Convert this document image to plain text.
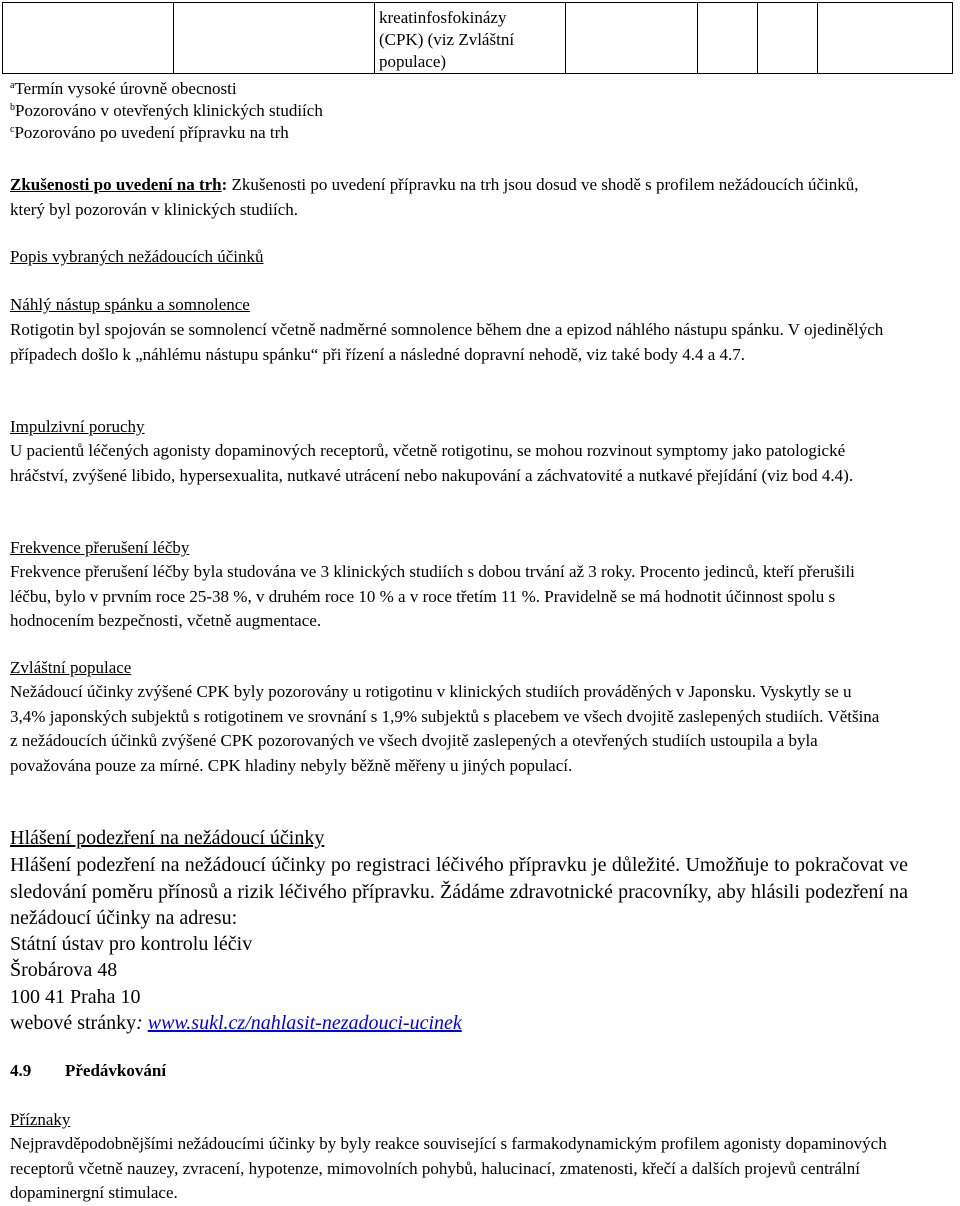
kreatinfosfokinázy (CPK) (viz Zvláštní populace)

$^a$Termín vysoké úrovně obecnosti
$^b$Pozorováno v otevřených klinických studiích
$^c$Pozorováno po uvedení přípravku na trh
Zkušenosti po uvedení na trh: Zkušenosti po uvedení přípravku na trh jsou dosud ve shodě s profilem nežádoucích účinků, který byl pozorován v klinických studiích.
Popis vybraných nežádoucích účinků
Náhlý nástup spánku a somnolence
Rotigotin byl spojován se somnolencí včetně nadměrné somnolence během dne a epizod náhlého nástupu spánku. V ojedinělých případech došlo k „náhlému nástupu spánku“ při řízení a následné dopravní nehodě, viz také body 4.4 a 4.7.
Impulzivní poruchy
U pacientů léčených agonisty dopaminových receptorů, včetně rotigotinu, se mohou rozvinout symptomy jako patologické hráčství, zvýšené libido, hypersexualita, nutkavé utrácení nebo nakupování a záchvatovité a nutkavé přejídání (viz bod 4.4).
Frekvence přerušení léčby
Frekvence přerušení léčby byla studována ve 3 klinických studiích s dobou trvání až 3 roky. Procento jedinců, kteří přerušili léčbu, bylo v prvním roce 25-38 %, v druhém roce 10 % a v roce třetím 11 %. Pravidelně se má hodnotit účinnost spolu s hodnocením bezpečnosti, včetně augmentace.
Zvláštní populace
Nežádoucí účinky zvýšené CPK byly pozorovány u rotigotinu v klinických studiích prováděných v Japonsku. Vyskytly se u 3,4% japonských subjektů s rotigotinem ve srovnání s 1,9% subjektů s placebem ve všech dvojitě zaslepených studiích. Většina z nežádoucích účinků zvýšené CPK pozorovaných ve všech dvojitě zaslepených a otevřených studiích ustoupila a byla považována pouze za mírné. CPK hladiny nebyly běžně měřeny u jiných populací.
Hlášení podezření na nežádoucí účinky
Hlášení podezření na nežádoucí účinky po registraci léčivého přípravku je důležité. Umožňuje to pokračovat ve sledování poměru přínosů a rizik léčivého přípravku. Žádáme zdravotnické pracovníky, aby hlásili podezření na nežádoucí účinky na adresu:
Státní ústav pro kontrolu léčiv
Šrobárova 48
100 41 Praha 10
webové stránky: www.sukl.cz/nahlasit-nezadouci-ucinek
4.9 Předávkování
Příznaky
Nejpravděpodobnějšími nežádoucími účinky by byly reakce související s farmakodynamickým profilem agonisty dopaminových receptorů včetně nauzey, zvracení, hypotenze, mimovolních pohybů, halucinací, zmatenosti, křečí a dalších projevů centrální dopaminergní stimulace.
